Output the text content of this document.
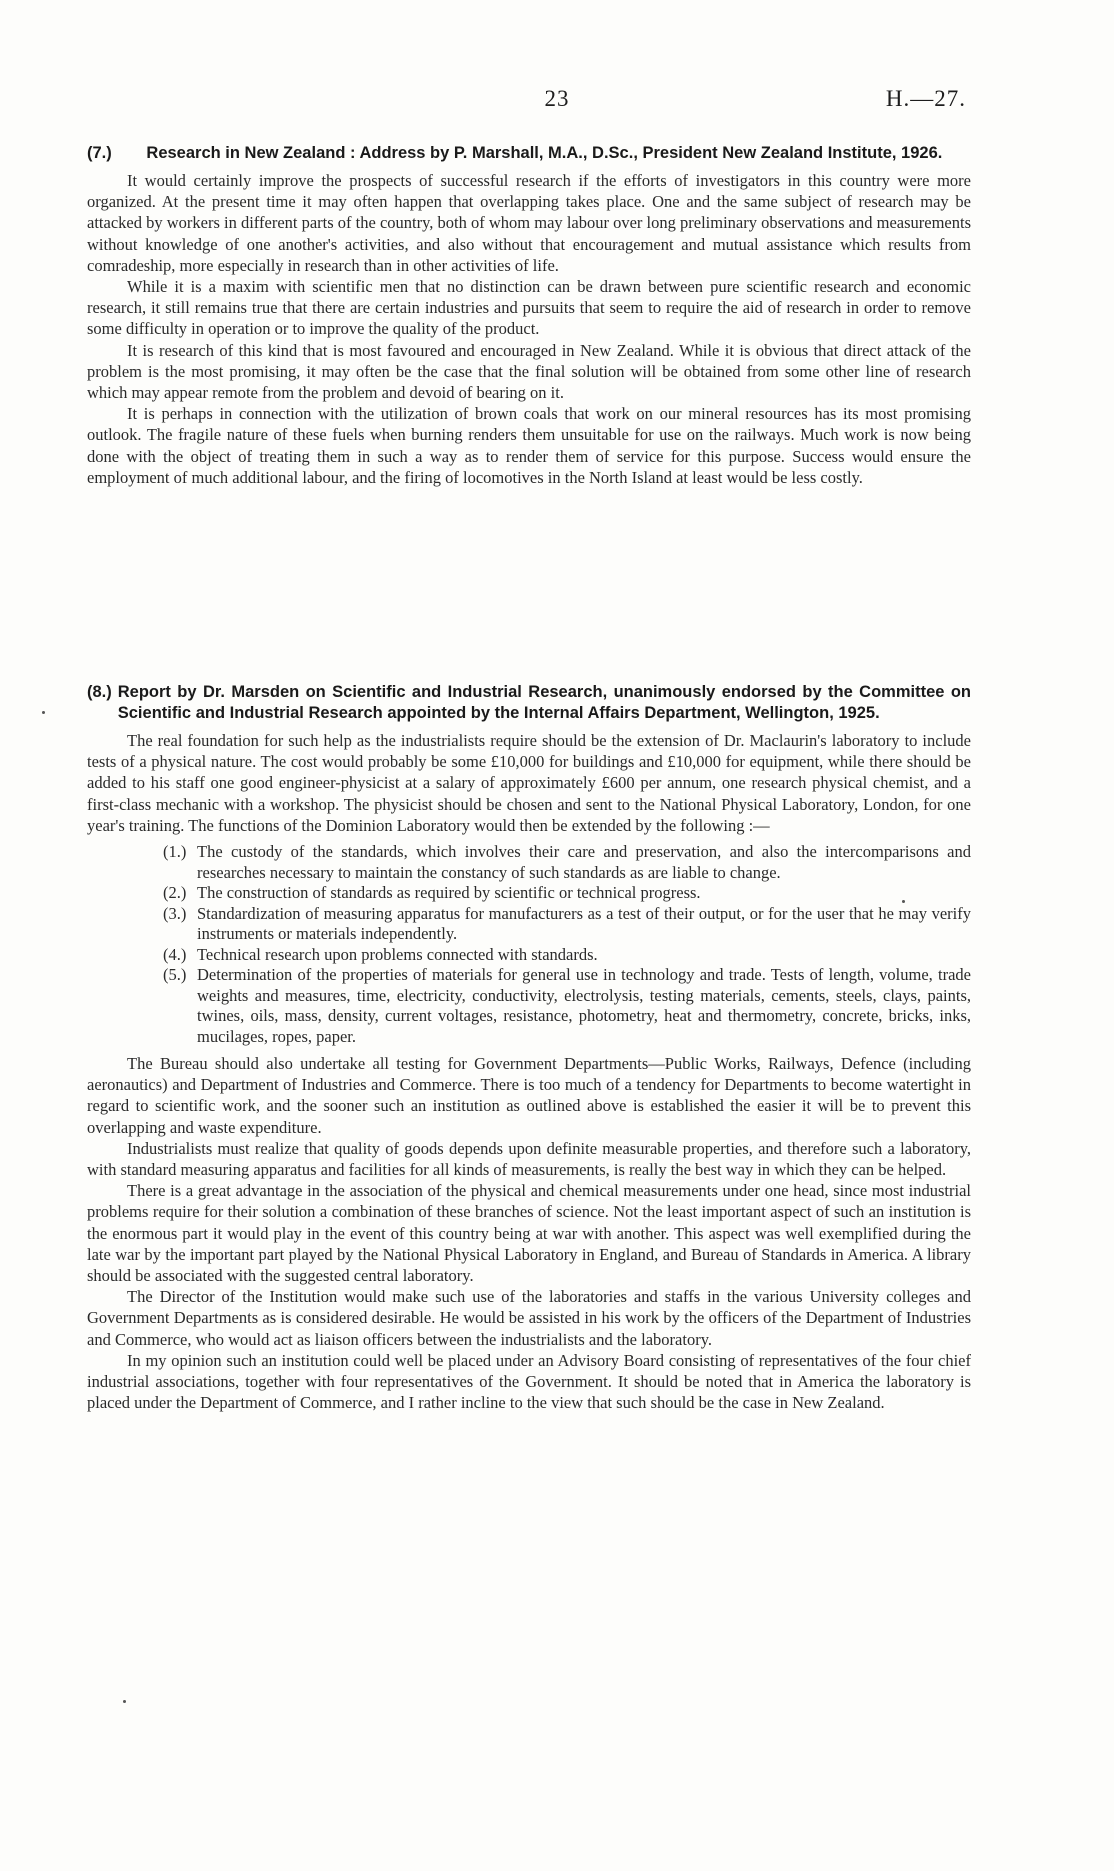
23	H.—27.
(7.)	Research in New Zealand : Address by P. Marshall, M.A., D.Sc., President New Zealand Institute, 1926.

It would certainly improve the prospects of successful research if the efforts of investigators in this country were more organized. At the present time it may often happen that overlapping takes place. One and the same subject of research may be attacked by workers in different parts of the country, both of whom may labour over long preliminary observations and measurements without knowledge of one another's activities, and also without that encouragement and mutual assistance which results from comradeship, more especially in research than in other activities of life.

While it is a maxim with scientific men that no distinction can be drawn between pure scientific research and economic research, it still remains true that there are certain industries and pursuits that seem to require the aid of research in order to remove some difficulty in operation or to improve the quality of the product.

It is research of this kind that is most favoured and encouraged in New Zealand. While it is obvious that direct attack of the problem is the most promising, it may often be the case that the final solution will be obtained from some other line of research which may appear remote from the problem and devoid of bearing on it.

It is perhaps in connection with the utilization of brown coals that work on our mineral resources has its most promising outlook. The fragile nature of these fuels when burning renders them unsuitable for use on the railways. Much work is now being done with the object of treating them in such a way as to render them of service for this purpose. Success would ensure the employment of much additional labour, and the firing of locomotives in the North Island at least would be less costly.

(8.) Report by Dr. Marsden on Scientific and Industrial Research, unanimously endorsed by the Committee on Scientific and Industrial Research appointed by the Internal Affairs Department, Wellington, 1925.

The real foundation for such help as the industrialists require should be the extension of Dr. Maclaurin's laboratory to include tests of a physical nature. The cost would probably be some £10,000 for buildings and £10,000 for equipment, while there should be added to his staff one good engineer-physicist at a salary of approximately £600 per annum, one research physical chemist, and a first-class mechanic with a workshop. The physicist should be chosen and sent to the National Physical Laboratory, London, for one year's training. The functions of the Dominion Laboratory would then be extended by the following :—

(1.) The custody of the standards, which involves their care and preservation, and also the intercomparisons and researches necessary to maintain the constancy of such standards as are liable to change.
(2.) The construction of standards as required by scientific or technical progress.
(3.) Standardization of measuring apparatus for manufacturers as a test of their output, or for the user that he may verify instruments or materials independently.
(4.) Technical research upon problems connected with standards.
(5.) Determination of the properties of materials for general use in technology and trade. Tests of length, volume, trade weights and measures, time, electricity, conductivity, electrolysis, testing materials, cements, steels, clays, paints, twines, oils, mass, density, current voltages, resistance, photometry, heat and thermometry, concrete, bricks, inks, mucilages, ropes, paper.

The Bureau should also undertake all testing for Government Departments—Public Works, Railways, Defence (including aeronautics) and Department of Industries and Commerce. There is too much of a tendency for Departments to become watertight in regard to scientific work, and the sooner such an institution as outlined above is established the easier it will be to prevent this overlapping and waste expenditure.

Industrialists must realize that quality of goods depends upon definite measurable properties, and therefore such a laboratory, with standard measuring apparatus and facilities for all kinds of measurements, is really the best way in which they can be helped.

There is a great advantage in the association of the physical and chemical measurements under one head, since most industrial problems require for their solution a combination of these branches of science. Not the least important aspect of such an institution is the enormous part it would play in the event of this country being at war with another. This aspect was well exemplified during the late war by the important part played by the National Physical Laboratory in England, and Bureau of Standards in America. A library should be associated with the suggested central laboratory.

The Director of the Institution would make such use of the laboratories and staffs in the various University colleges and Government Departments as is considered desirable. He would be assisted in his work by the officers of the Department of Industries and Commerce, who would act as liaison officers between the industrialists and the laboratory.

In my opinion such an institution could well be placed under an Advisory Board consisting of representatives of the four chief industrial associations, together with four representatives of the Government. It should be noted that in America the laboratory is placed under the Department of Commerce, and I rather incline to the view that such should be the case in New Zealand.
